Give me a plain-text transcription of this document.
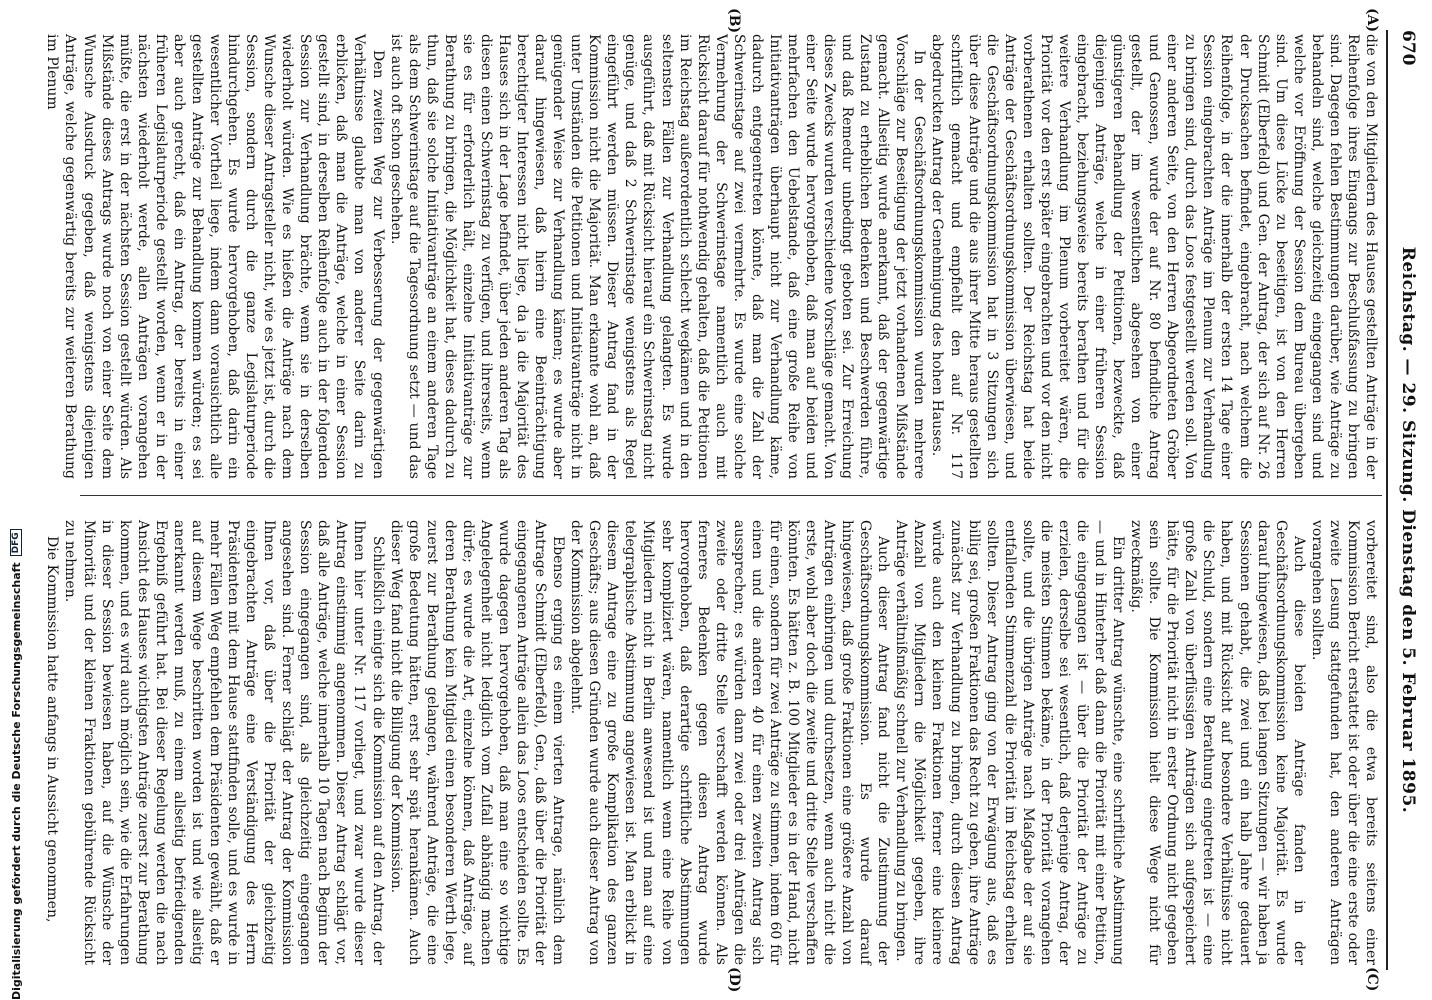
670
Reichstag. — 29. Sitzung. Dienstag den 5. Februar 1895.
(A)
(B)
(C)
(D)

die von den Mitgliedern des Hauses gestellten Anträge in der Reihenfolge ihres Eingangs zur Beschlußfassung zu bringen sind. Dagegen fehlen Bestimmungen darüber, wie Anträge zu behandeln sind, welche gleichzeitig eingegangen sind und welche vor Eröffnung der Session dem Bureau übergeben sind. Um diese Lücke zu beseitigen, ist von den Herren Schmidt (Elberfeld) und Gen. der Antrag, der sich auf Nr. 26 der Drucksachen befindet, eingebracht, nach welchem die Reihenfolge, in der die innerhalb der ersten 14 Tage einer Session eingebrachten Anträge im Plenum zur Verhandlung zu bringen sind, durch das Loos festgestellt werden soll. Von einer anderen Seite, von den Herren Abgeordneten Gröber und Genossen, wurde der auf Nr. 80 befindliche Antrag gestellt, der im wesentlichen abgesehen von einer günstigeren Behandlung der Petitionen, bezweckte, daß diejenigen Anträge, welche in einer früheren Session eingebracht, beziehungsweise bereits berathen und für die weitere Verhandlung im Plenum vorbereitet wären, die Priorität vor den erst später eingebrachten und vor den nicht vorberathenen erhalten sollten. Der Reichstag hat beide Anträge der Geschäftsordnungskommission überwiesen, und die Geschäftsordnungskommission hat in 3 Sitzungen sich über diese Anträge und die aus ihrer Mitte heraus gestellten schriftlich gemacht und empfiehlt den auf Nr. 117 abgedruckten Antrag der Genehmigung des hohen Hauses.

In der Geschäftsordnungskommission wurden mehrere Vorschläge zur Beseitigung der jetzt vorhandenen Mißstände gemacht. Allseitig wurde anerkannt, daß der gegenwärtige Zustand zu erheblichen Bedenken und Beschwerden führe, und daß Remedur unbedingt geboten sei. Zur Erreichung dieses Zwecks wurden verschiedene Vorschläge gemacht. Von einer Seite wurde hervorgehoben, daß man auf beiden und mehrfachen den Uebelstande, daß eine große Reihe von Initiativanträgen überhaupt nicht zur Verhandlung käme, dadurch entgegentreten könnte, daß man die Zahl der Schwerinstage auf zwei vermehrte. Es wurde eine solche Vermehrung der Schwerinstage namentlich auch mit Rücksicht darauf für nothwendig gehalten, daß die Petitionen im Reichstag außerordentlich schlecht wegkämen und in den seltensten Fällen zur Verhandlung gelangten. Es wurde ausgeführt, daß mit Rücksicht hierauf ein Schwerinstag nicht genüge, und daß 2 Schwerinstage wenigstens als Regel eingeführt werden müssen. Dieser Antrag fand in der Kommission nicht die Majorität. Man erkannte wohl an, daß unter Umständen die Petitionen und Initiativanträge nicht in genügender Weise zur Verhandlung kämen; es wurde aber darauf hingewiesen, daß hierin eine Beeinträchtigung berechtigter Interessen nicht liege, da ja die Majorität des Hauses sich in der Lage befindet, über jeden anderen Tag als diesen einen Schwerinstag zu verfügen, und ihrerseits, wenn sie es für erforderlich hält, einzelne Initiativanträge zur Berathung zu bringen, die Möglichkeit hat, dieses dadurch zu thun, daß sie solche Initiativanträge an einem anderen Tage als dem Schwerinstage auf die Tagesordnung setzt — und das ist auch oft schon geschehen.

Den zweiten Weg zur Verbesserung der gegenwärtigen Verhältnisse glaubte man von anderer Seite darin zu erblicken, daß man die Anträge, welche in einer Session gestellt sind, in derselben Reihenfolge auch in der folgenden Session zur Verhandlung brächte, wenn sie in derselben wiederholt würden. Wie es hießen die Anträge nach dem Wunsche dieser Antragsteller nicht, wie es jetzt ist, durch die Session, sondern durch die ganze Legislaturperiode hindurchgehen. Es wurde hervorgehoben, daß darin ein wesentlicher Vortheil liege, indem dann vorausichtlich alle gestellten Anträge zur Behandlung kommen würden; es sei aber auch gerecht, daß ein Antrag, der bereits in einer früheren Legislaturperiode gestellt worden, wenn er in der nächsten wiederholt werde, allen Anträgen vorangehen müßte, die erst in der nächsten Session gestellt würden. Als Mißstände dieses Antrags wurde noch von einer Seite dem Wunsche Ausdruck gegeben, daß wenigstens diejenigen Anträge, welche gegenwärtig bereits zur weiteren Berathung im Plenum

vorbereitet sind, also die etwa bereits seitens einer Kommission Bericht erstattet ist oder über die eine erste oder zweite Lesung stattgefunden hat, den anderen Anträgen vorangehen sollten.

Auch diese beiden Anträge fanden in der Geschäftsordnungskommission keine Majorität. Es wurde darauf hingewiesen, daß bei langen Sitzungen — wir haben ja Sessionen gehabt, die zwei und ein halb Jahre gedauert haben, und mit Rücksicht auf besondere Verhältnisse nicht die Schuld, sondern eine Berathung eingetreten ist — eine große Zahl von überflüssigen Anträgen sich aufgespeichert hätte, für die Priorität nicht in erster Ordnung nicht gegeben sein sollte. Die Kommission hielt diese Wege nicht für zweckmäßig.

Ein dritter Antrag wünschte, eine schriftliche Abstimmung — und in Hinterher daß dann die Priorität mit einer Petition, die eingegangen ist — über die Priorität der Anträge zu erzielen, derselbe sei wesentlich, daß derjenige Antrag, der die meisten Stimmen bekäme, in der Priorität vorangehen sollte, und die übrigen Anträge nach Maßgabe der auf sie entfallenden Stimmenzahl die Priorität im Reichstag erhalten sollten. Dieser Antrag ging von der Erwägung aus, daß es billig sei, großen Fraktionen das Recht zu geben, ihre Anträge zunächst zur Verhandlung zu bringen, durch diesen Antrag würde auch den kleinen Fraktionen ferner eine kleinere Anzahl von Mitgliedern die Möglichkeit gegeben, ihre Anträge verhältnißmäßig schnell zur Verhandlung zu bringen.

Auch dieser Antrag fand nicht die Zustimmung der Geschäftsordnungskommission. Es wurde darauf hingewiesen, daß große Fraktionen eine größere Anzahl von Anträgen einbringen und durchsetzen, wenn auch nicht die erste, wohl aber doch die zweite und dritte Stelle verschaffen könnten. Es hätten z. B. 100 Mitglieder es in der Hand, nicht für einen, sondern für zwei Anträge zu stimmen, indem 60 für einen und die anderen 40 für einen zweiten Antrag sich aussprechen; es würden dann zwei oder drei Anträgen die zweite oder dritte Stelle verschafft werden können. Als ferneres Bedenken gegen diesen Antrag wurde hervorgehoben, daß derartige schriftliche Abstimmungen sehr kompliziert wären, namentlich wenn eine Reihe von Mitgliedern nicht in Berlin anwesend ist und man auf eine telegraphische Abstimmung angewiesen ist. Man erblickt in diesem Antrage eine zu große Komplikation des ganzen Geschäfts; aus diesen Gründen wurde auch dieser Antrag von der Kommission abgelehnt.

Ebenso erging es einem vierten Antrage, nämlich dem Antrage Schmidt (Elberfeld), Gen., daß über die Priorität der eingegangenen Anträge allein das Loos entscheiden sollte. Es wurde dagegen hervorgehoben, daß man eine so wichtige Angelegenheit nicht lediglich vom Zufall abhängig machen dürfe; es wurde die Art, einzelne können, daß Anträge, auf deren Berathung kein Mitglied einen besonderen Werth lege, zuerst zur Berathung gelangen, während Anträge, die eine große Bedeutung hätten, erst sehr spät herankämen. Auch dieser Weg fand nicht die Billigung der Kommission.

Schließlich einigte sich die Kommission auf den Antrag, der Ihnen hier unter Nr. 117 vorliegt, und zwar wurde dieser Antrag einstimmig angenommen. Dieser Antrag schlägt vor, daß alle Anträge, welche innerhalb 10 Tagen nach Beginn der Session eingegangen sind, als gleichzeitig eingegangen angesehen sind. Ferner schlägt der Antrag der Kommission Ihnen vor, daß über die Priorität der gleichzeitig eingebrachten Anträge eine Verständigung des Herrn Präsidenten mit dem Hause stattfinden solle, und es wurde in mehr Fällen Weg empfehlen dem Präsidenten gewählt, daß er auf diesem Wege beschritten worden ist und wie allseitig anerkannt werden muß, zu einem allseitig befriedigenden Ergebniß geführt hat. Bei dieser Regelung werden die nach Ansicht des Hauses wichtigsten Anträge zuerst zur Berathung kommen, und es wird auch möglich sein, wie die Erfahrungen in dieser Session bewiesen haben, auf die Wünsche der Minorität und der kleinen Fraktionen gebührende Rücksicht zu nehmen.

Die Kommission hatte anfangs in Aussicht genommen,

Digitalisierung gefördert durch die Deutsche Forschungsgemeinschaft
DFG
